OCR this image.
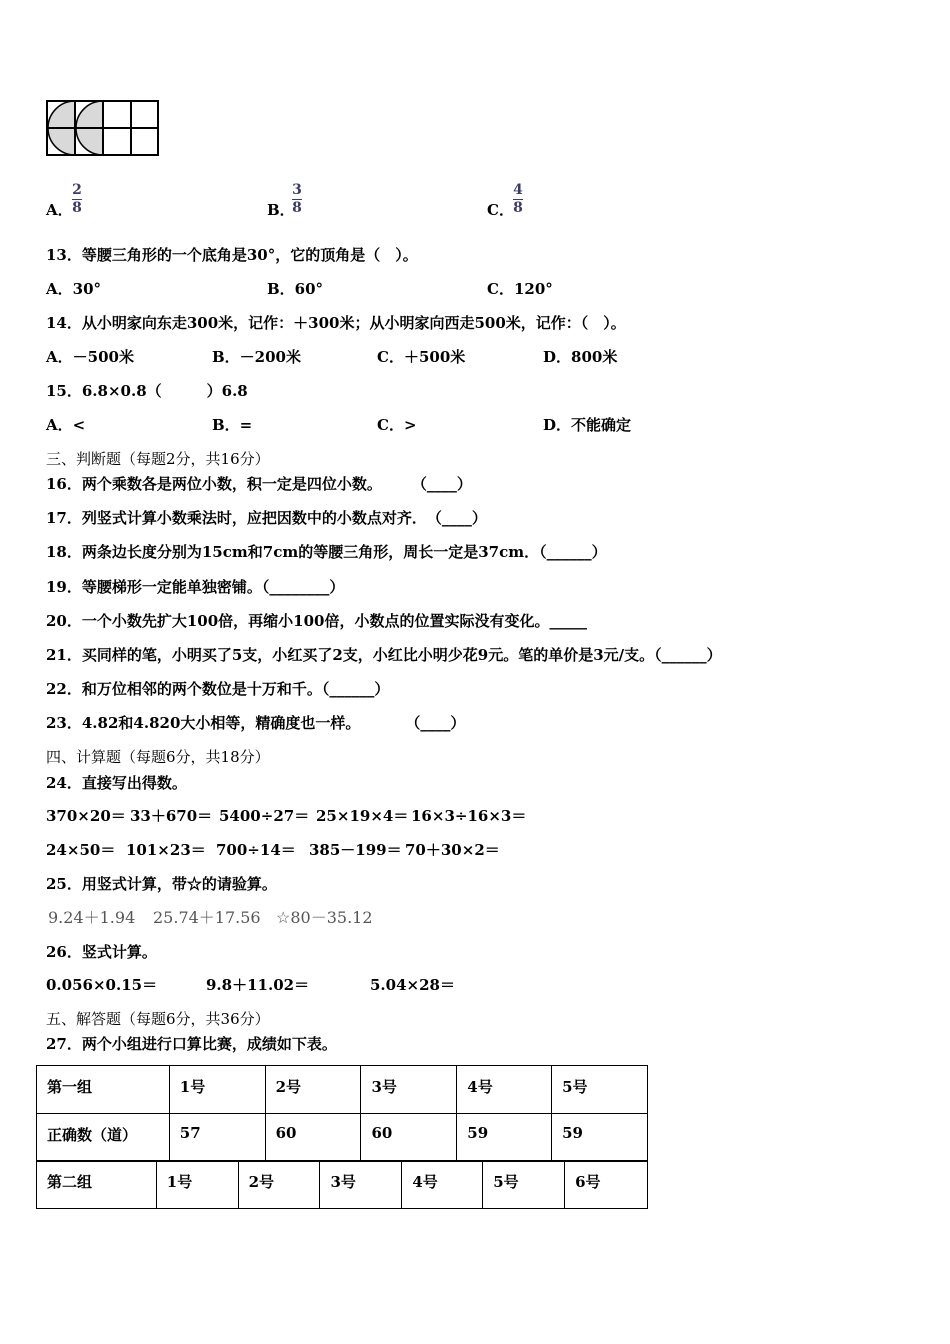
A．
2
8	B．
3
8	C．
4
8
13．等腰三角形的一个底角是30°，它的顶角是（　）。
A．30°	B．60°	C．120°
14．从小明家向东走300米，记作：＋300米；从小明家向西走500米，记作：（　）。
A．－500米	B．－200米	C．＋500米	D．800米
15．6.8×0.8（　　　）6.8
A．<	B．=	C．>	D．不能确定
三、判断题（每题2分，共16分）
16．两个乘数各是两位小数，积一定是四位小数。　　　（____）
17．列竖式计算小数乘法时，应把因数中的小数点对齐．　（____）
18．两条边长度分别为15cm和7cm的等腰三角形，周长一定是37cm．（______）
19．等腰梯形一定能单独密铺。（________）
20．一个小数先扩大100倍，再缩小100倍，小数点的位置实际没有变化。_____
21．买同样的笔，小明买了5支，小红买了2支，小红比小明少花9元。笔的单价是3元/支。（______）
22．和万位相邻的两个数位是十万和千。（______）
23．4.82和4.820大小相等，精确度也一样。　　　　（____）
四、计算题（每题6分，共18分）
24．直接写出得数。
370×20＝ 33＋670＝ 5400÷27＝ 25×19×4＝ 16×3÷16×3＝
24×50＝ 101×23＝ 700÷14＝ 385－199＝ 70＋30×2＝
25．用竖式计算，带☆的请验算。
9.24＋1.94 25.74＋17.56 ☆80－35.12
26．竖式计算。
0.056×0.15＝	9.8＋11.02＝	5.04×28＝
五、解答题（每题6分，共36分）
27．两个小组进行口算比赛，成绩如下表。
第一组	1号	2号	3号	4号	5号
正确数（道）	57	60	60	59	59
第二组	1号	2号	3号	4号	5号	6号
